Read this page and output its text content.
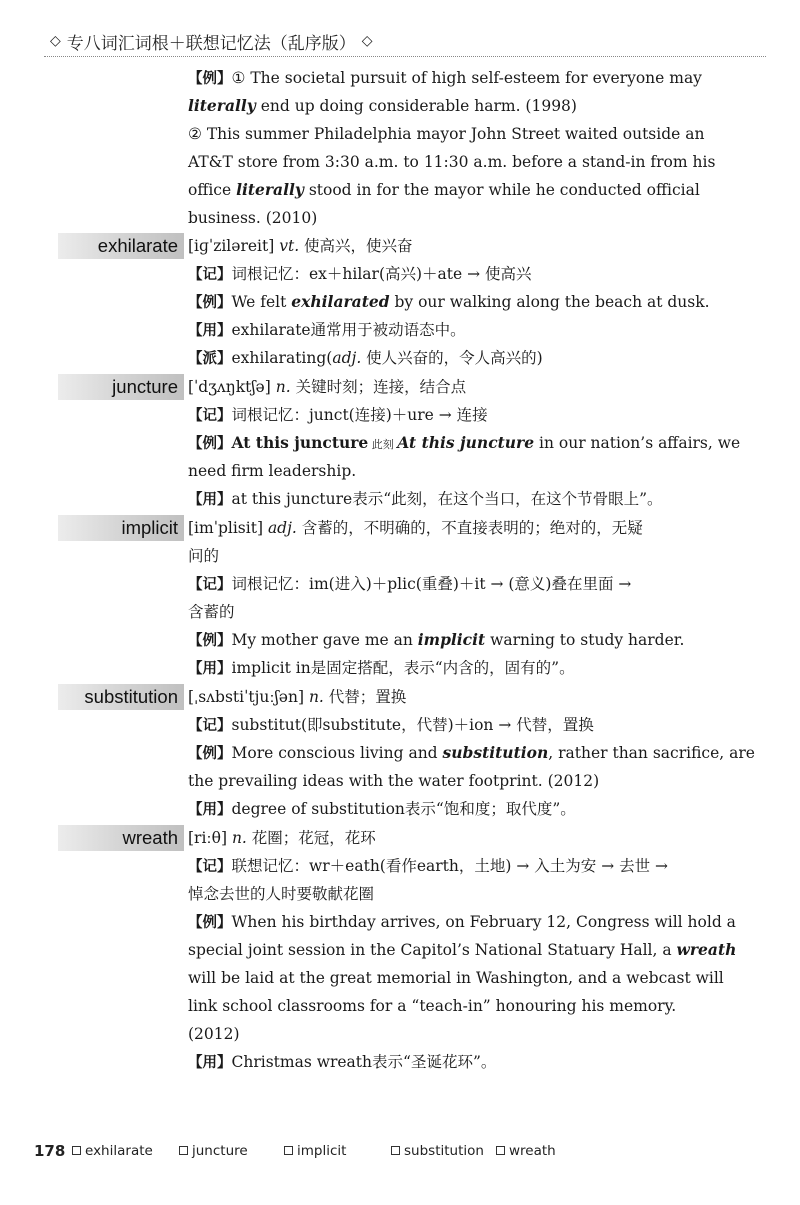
◇ 专八词汇词根＋联想记忆法（乱序版） ◇
【例】① The societal pursuit of high self-esteem for everyone may
literally end up doing considerable harm. (1998)
② This summer Philadelphia mayor John Street waited outside an
AT&T store from 3:30 a.m. to 11:30 a.m. before a stand-in from his
office literally stood in for the mayor while he conducted official
business. (2010)
exhilarate [iɡˈziləreit] vt. 使高兴，使兴奋
【记】词根记忆：ex＋hilar(高兴)＋ate → 使高兴
【例】We felt exhilarated by our walking along the beach at dusk.
【用】exhilarate通常用于被动语态中。
【派】exhilarating(adj. 使人兴奋的，令人高兴的)
juncture [ˈdʒʌŋktʃə] n. 关键时刻；连接，结合点
【记】词根记忆：junct(连接)＋ure → 连接
【例】At this juncture 此刻 At this juncture in our nation’s affairs, we
need firm leadership.
【用】at this juncture表示“此刻，在这个当口，在这个节骨眼上”。
implicit [imˈplisit] adj. 含蓄的，不明确的，不直接表明的；绝对的，无疑
问的
【记】词根记忆：im(进入)＋plic(重叠)＋it → (意义)叠在里面 →
含蓄的
【例】My mother gave me an implicit warning to study harder.
【用】implicit in是固定搭配，表示“内含的，固有的”。
substitution [ˌsʌbstiˈtjuːʃən] n. 代替；置换
【记】substitut(即substitute，代替)＋ion → 代替，置换
【例】More conscious living and substitution, rather than sacrifice, are
the prevailing ideas with the water footprint. (2012)
【用】degree of substitution表示“饱和度；取代度”。
wreath [riːθ] n. 花圈；花冠，花环
【记】联想记忆：wr＋eath(看作earth，土地) → 入土为安 → 去世 →
悼念去世的人时要敬献花圈
【例】When his birthday arrives, on February 12, Congress will hold a
special joint session in the Capitol’s National Statuary Hall, a wreath
will be laid at the great memorial in Washington, and a webcast will
link school classrooms for a “teach-in” honouring his memory.
(2012)
【用】Christmas wreath表示“圣诞花环”。
178	exhilarate	juncture	implicit	substitution	wreath
